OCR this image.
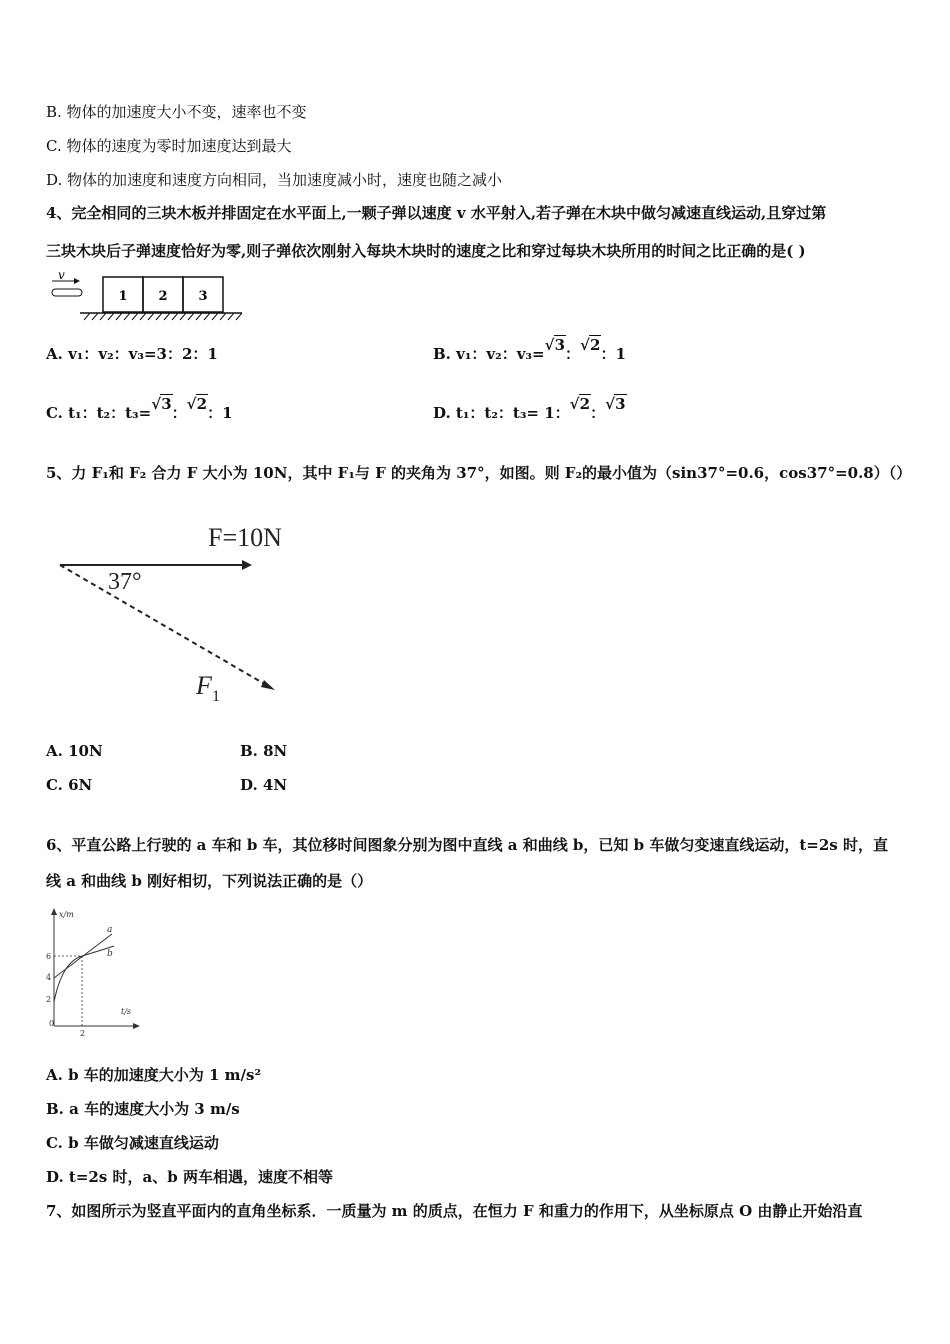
B. 物体的加速度大小不变，速率也不变
C. 物体的速度为零时加速度达到最大
D. 物体的加速度和速度方向相同，当加速度减小时，速度也随之减小
4、完全相同的三块木板并排固定在水平面上,一颗子弹以速度 v 水平射入,若子弹在木块中做匀减速直线运动,且穿过第
三块木块后子弹速度恰好为零,则子弹依次刚射入每块木块时的速度之比和穿过每块木块所用的时间之比正确的是( )
v
1 2 3
A. v₁：v₂：v₃=3：2：1	B. v₁：v₂：v₃= √ 3： √ 2：1
C. t₁：t₂：t₃= √ 3： √ 2：1	D. t₁：t₂：t₃= 1： √ 2： √ 3
5、力 F₁和 F₂ 合力 F 大小为 10N，其中 F₁与 F 的夹角为 37°，如图。则 F₂的最小值为（sin37°=0.6，cos37°=0.8）（）
F=10N
37°
F 1
A. 10N	B. 8N
C. 6N	D. 4N
6、平直公路上行驶的 a 车和 b 车，其位移时间图象分别为图中直线 a 和曲线 b，已知 b 车做匀变速直线运动，t=2s 时，直
线 a 和曲线 b 刚好相切，下列说法正确的是（）
x/m
t/s
6
4
2
0
2
a
b
A. b 车的加速度大小为 1 m/s²
B. a 车的速度大小为 3 m/s
C. b 车做匀减速直线运动
D. t=2s 时，a、b 两车相遇，速度不相等
7、如图所示为竖直平面内的直角坐标系．一质量为 m 的质点，在恒力 F 和重力的作用下，从坐标原点 O 由静止开始沿直
